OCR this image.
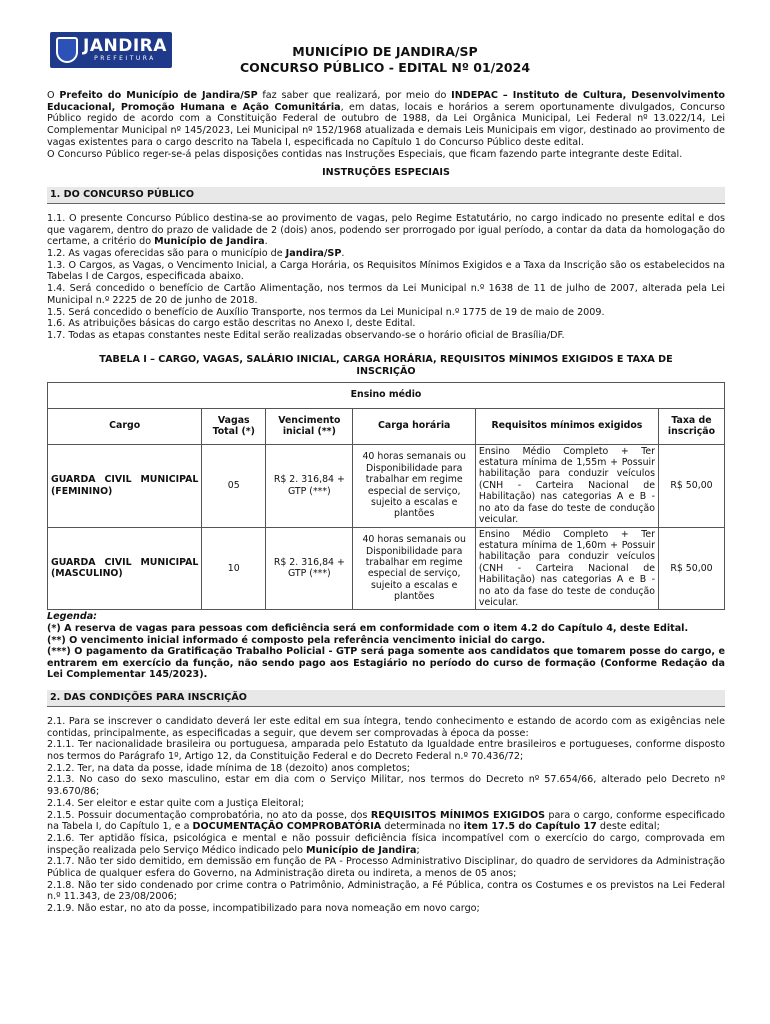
JANDIRA
PREFEITURA	MUNICÍPIO DE JANDIRA/SP
CONCURSO PÚBLICO - EDITAL Nº 01/2024

O Prefeito do Município de Jandira/SP faz saber que realizará, por meio do INDEPAC – Instituto de Cultura, Desenvolvimento Educacional, Promoção Humana e Ação Comunitária, em datas, locais e horários a serem oportunamente divulgados, Concurso Público regido de acordo com a Constituição Federal de outubro de 1988, da Lei Orgânica Municipal, Lei Federal nº 13.022/14, Lei Complementar Municipal nº 145/2023, Lei Municipal nº 152/1968 atualizada e demais Leis Municipais em vigor, destinado ao provimento de vagas existentes para o cargo descrito na Tabela I, especificada no Capítulo 1 do Concurso Público deste edital.

O Concurso Público reger-se-á pelas disposições contidas nas Instruções Especiais, que ficam fazendo parte integrante deste Edital.

INSTRUÇÕES ESPECIAIS
1. DO CONCURSO PÚBLICO

1.1. O presente Concurso Público destina-se ao provimento de vagas, pelo Regime Estatutário, no cargo indicado no presente edital e dos que vagarem, dentro do prazo de validade de 2 (dois) anos, podendo ser prorrogado por igual período, a contar da data da homologação do certame, a critério do Município de Jandira.

1.2. As vagas oferecidas são para o município de Jandira/SP.

1.3. O Cargos, as Vagas, o Vencimento Inicial, a Carga Horária, os Requisitos Mínimos Exigidos e a Taxa da Inscrição são os estabelecidos na Tabelas I de Cargos, especificada abaixo.

1.4. Será concedido o benefício de Cartão Alimentação, nos termos da Lei Municipal n.º 1638 de 11 de julho de 2007, alterada pela Lei Municipal n.º 2225 de 20 de junho de 2018.

1.5. Será concedido o benefício de Auxílio Transporte, nos termos da Lei Municipal n.º 1775 de 19 de maio de 2009.

1.6. As atribuições básicas do cargo estão descritas no Anexo I, deste Edital.

1.7. Todas as etapas constantes neste Edital serão realizadas observando-se o horário oficial de Brasília/DF.

TABELA I – CARGO, VAGAS, SALÁRIO INICIAL, CARGA HORÁRIA, REQUISITOS MÍNIMOS EXIGIDOS E TAXA DE INSCRIÇÃO
Ensino médio					
Cargo	Vagas Total (*)	Vencimento inicial (**)	Carga horária	Requisitos mínimos exigidos	Taxa de inscrição
GUARDA CIVIL MUNICIPAL (FEMININO)	05	R$ 2. 316,84 + GTP (***)	40 horas semanais ou Disponibilidade para trabalhar em regime especial de serviço, sujeito a escalas e plantões	Ensino Médio Completo + Ter estatura mínima de 1,55m + Possuir habilitação para conduzir veículos (CNH - Carteira Nacional de Habilitação) nas categorias A e B - no ato da fase do teste de condução veicular.	R$ 50,00
GUARDA CIVIL MUNICIPAL (MASCULINO)	10	R$ 2. 316,84 + GTP (***)	40 horas semanais ou Disponibilidade para trabalhar em regime especial de serviço, sujeito a escalas e plantões	Ensino Médio Completo + Ter estatura mínima de 1,60m + Possuir habilitação para conduzir veículos (CNH - Carteira Nacional de Habilitação) nas categorias A e B - no ato da fase do teste de condução veicular.	R$ 50,00
Legenda:
(*) A reserva de vagas para pessoas com deficiência será em conformidade com o item 4.2 do Capítulo 4, deste Edital.
(**) O vencimento inicial informado é composto pela referência vencimento inicial do cargo.
(***) O pagamento da Gratificação Trabalho Policial - GTP será paga somente aos candidatos que tomarem posse do cargo, e entrarem em exercício da função, não sendo pago aos Estagiário no período do curso de formação (Conforme Redação da Lei Complementar 145/2023).
2. DAS CONDIÇÕES PARA INSCRIÇÃO

2.1. Para se inscrever o candidato deverá ler este edital em sua íntegra, tendo conhecimento e estando de acordo com as exigências nele contidas, principalmente, as especificadas a seguir, que devem ser comprovadas à época da posse:

2.1.1. Ter nacionalidade brasileira ou portuguesa, amparada pelo Estatuto da Igualdade entre brasileiros e portugueses, conforme disposto nos termos do Parágrafo 1º, Artigo 12, da Constituição Federal e do Decreto Federal n.º 70.436/72;

2.1.2. Ter, na data da posse, idade mínima de 18 (dezoito) anos completos;

2.1.3. No caso do sexo masculino, estar em dia com o Serviço Militar, nos termos do Decreto nº 57.654/66, alterado pelo Decreto nº 93.670/86;

2.1.4. Ser eleitor e estar quite com a Justiça Eleitoral;

2.1.5. Possuir documentação comprobatória, no ato da posse, dos REQUISITOS MÍNIMOS EXIGIDOS para o cargo, conforme especificado na Tabela I, do Capítulo 1, e a DOCUMENTAÇÃO COMPROBATÓRIA determinada no item 17.5 do Capítulo 17 deste edital;

2.1.6. Ter aptidão física, psicológica e mental e não possuir deficiência física incompatível com o exercício do cargo, comprovada em inspeção realizada pelo Serviço Médico indicado pelo Município de Jandira;

2.1.7. Não ter sido demitido, em demissão em função de PA - Processo Administrativo Disciplinar, do quadro de servidores da Administração Pública de qualquer esfera do Governo, na Administração direta ou indireta, a menos de 05 anos;

2.1.8. Não ter sido condenado por crime contra o Patrimônio, Administração, a Fé Pública, contra os Costumes e os previstos na Lei Federal n.º 11.343, de 23/08/2006;

2.1.9. Não estar, no ato da posse, incompatibilizado para nova nomeação em novo cargo;
